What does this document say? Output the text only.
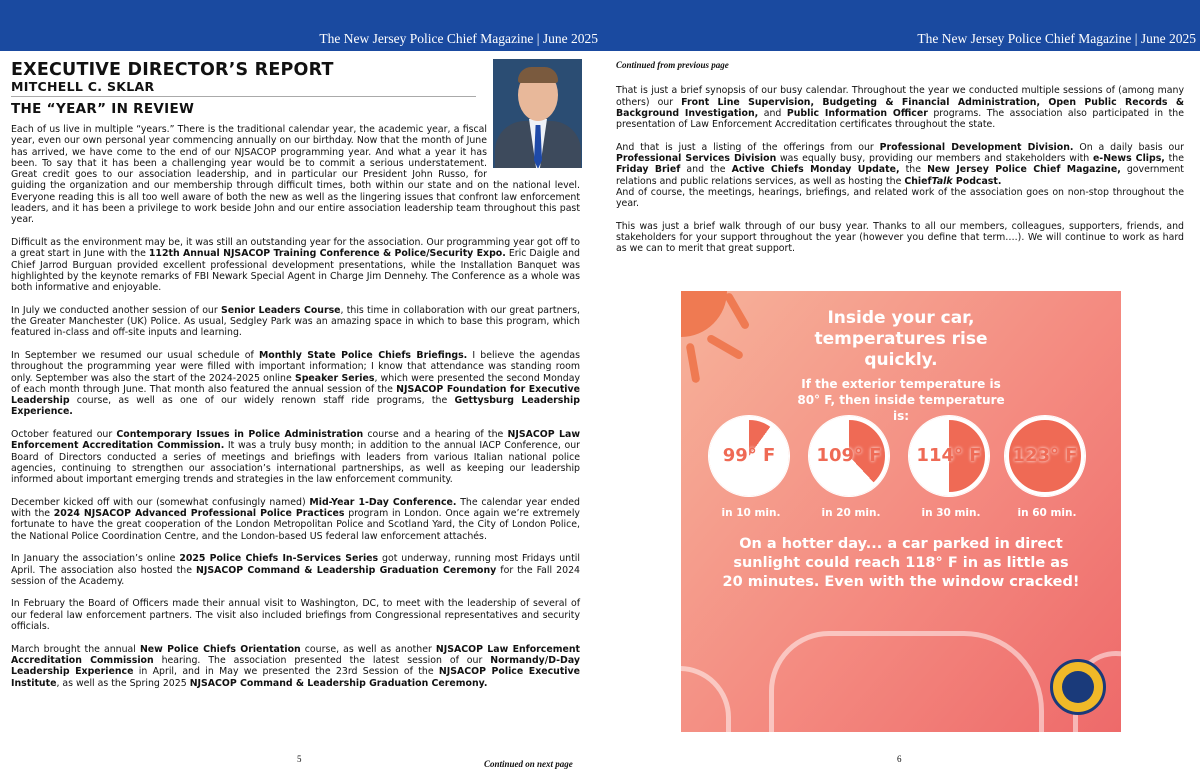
The New Jersey Police Chief Magazine | June 2025	The New Jersey Police Chief Magazine | June 2025
EXECUTIVE DIRECTOR’S REPORT
MITCHELL C. SKLAR
THE “YEAR” IN REVIEW

Each of us live in multiple “years.” There is the traditional calendar year, the academic year, a fiscal year, even our own personal year commencing annually on our birthday. Now that the month of June has arrived, we have come to the end of our NJSACOP programming year. And what a year it has been. To say that it has been a challenging year would be to commit a serious understatement. Great credit goes to our association leadership, and in particular our President John Russo, for guiding the organization and our membership through difficult times, both within our state and on the national level. Everyone reading this is all too well aware of both the new as well as the lingering issues that confront law enforcement leaders, and it has been a privilege to work beside John and our entire association leadership team throughout this past year.

Difficult as the environment may be, it was still an outstanding year for the association. Our programming year got off to a great start in June with the 112th Annual NJSACOP Training Conference & Police/Security Expo. Eric Daigle and Chief Jarrod Burguan provided excellent professional development presentations, while the Installation Banquet was highlighted by the keynote remarks of FBI Newark Special Agent in Charge Jim Dennehy. The Conference as a whole was both informative and enjoyable.

In July we conducted another session of our Senior Leaders Course, this time in collaboration with our great partners, the Greater Manchester (UK) Police. As usual, Sedgley Park was an amazing space in which to base this program, which featured in-class and off-site inputs and learning.

In September we resumed our usual schedule of Monthly State Police Chiefs Briefings. I believe the agendas throughout the programming year were filled with important information; I know that attendance was standing room only. September was also the start of the 2024-2025 online Speaker Series, which were presented the second Monday of each month through June. That month also featured the annual session of the NJSACOP Foundation for Executive Leadership course, as well as one of our widely renown staff ride programs, the Gettysburg Leadership Experience.

October featured our Contemporary Issues in Police Administration course and a hearing of the NJSACOP Law Enforcement Accreditation Commission. It was a truly busy month; in addition to the annual IACP Conference, our Board of Directors conducted a series of meetings and briefings with leaders from various Italian national police agencies, continuing to strengthen our association’s international partnerships, as well as keeping our leadership informed about important emerging trends and strategies in the law enforcement community.

December kicked off with our (somewhat confusingly named) Mid-Year 1-Day Conference. The calendar year ended with the 2024 NJSACOP Advanced Professional Police Practices program in London. Once again we’re extremely fortunate to have the great cooperation of the London Metropolitan Police and Scotland Yard, the City of London Police, the National Police Coordination Centre, and the London-based US federal law enforcement attachés.

In January the association’s online 2025 Police Chiefs In-Services Series got underway, running most Fridays until April. The association also hosted the NJSACOP Command & Leadership Graduation Ceremony for the Fall 2024 session of the Academy.

In February the Board of Officers made their annual visit to Washington, DC, to meet with the leadership of several of our federal law enforcement partners. The visit also included briefings from Congressional representatives and security officials.

March brought the annual New Police Chiefs Orientation course, as well as another NJSACOP Law Enforcement Accreditation Commission hearing. The association presented the latest session of our Normandy/D-Day Leadership Experience in April, and in May we presented the 23rd Session of the NJSACOP Police Executive Institute, as well as the Spring 2025 NJSACOP Command & Leadership Graduation Ceremony.

Continued on next page
5
Continued from previous page

That is just a brief synopsis of our busy calendar. Throughout the year we conducted multiple sessions of (among many others) our Front Line Supervision, Budgeting & Financial Administration, Open Public Records & Background Investigation, and Public Information Officer programs. The association also participated in the presentation of Law Enforcement Accreditation certificates throughout the state.

And that is just a listing of the offerings from our Professional Development Division. On a daily basis our Professional Services Division was equally busy, providing our members and stakeholders with e-News Clips, the Friday Brief and the Active Chiefs Monday Update, the New Jersey Police Chief Magazine, government relations and public relations services, as well as hosting the ChiefTalk Podcast.
And of course, the meetings, hearings, briefings, and related work of the association goes on non-stop throughout the year.

This was just a brief walk through of our busy year. Thanks to all our members, colleagues, supporters, friends, and stakeholders for your support throughout the year (however you define that term….). We will continue to work as hard as we can to merit that great support.

6
Inside your car, temperatures rise quickly.
If the exterior temperature is 80° F, then inside temperature is:
99° F
in 10 min.
109° F
in 20 min.
114° F
in 30 min.
123° F
in 60 min.
On a hotter day... a car parked in direct sunlight could reach 118° F in as little as 20 minutes. Even with the window cracked!
